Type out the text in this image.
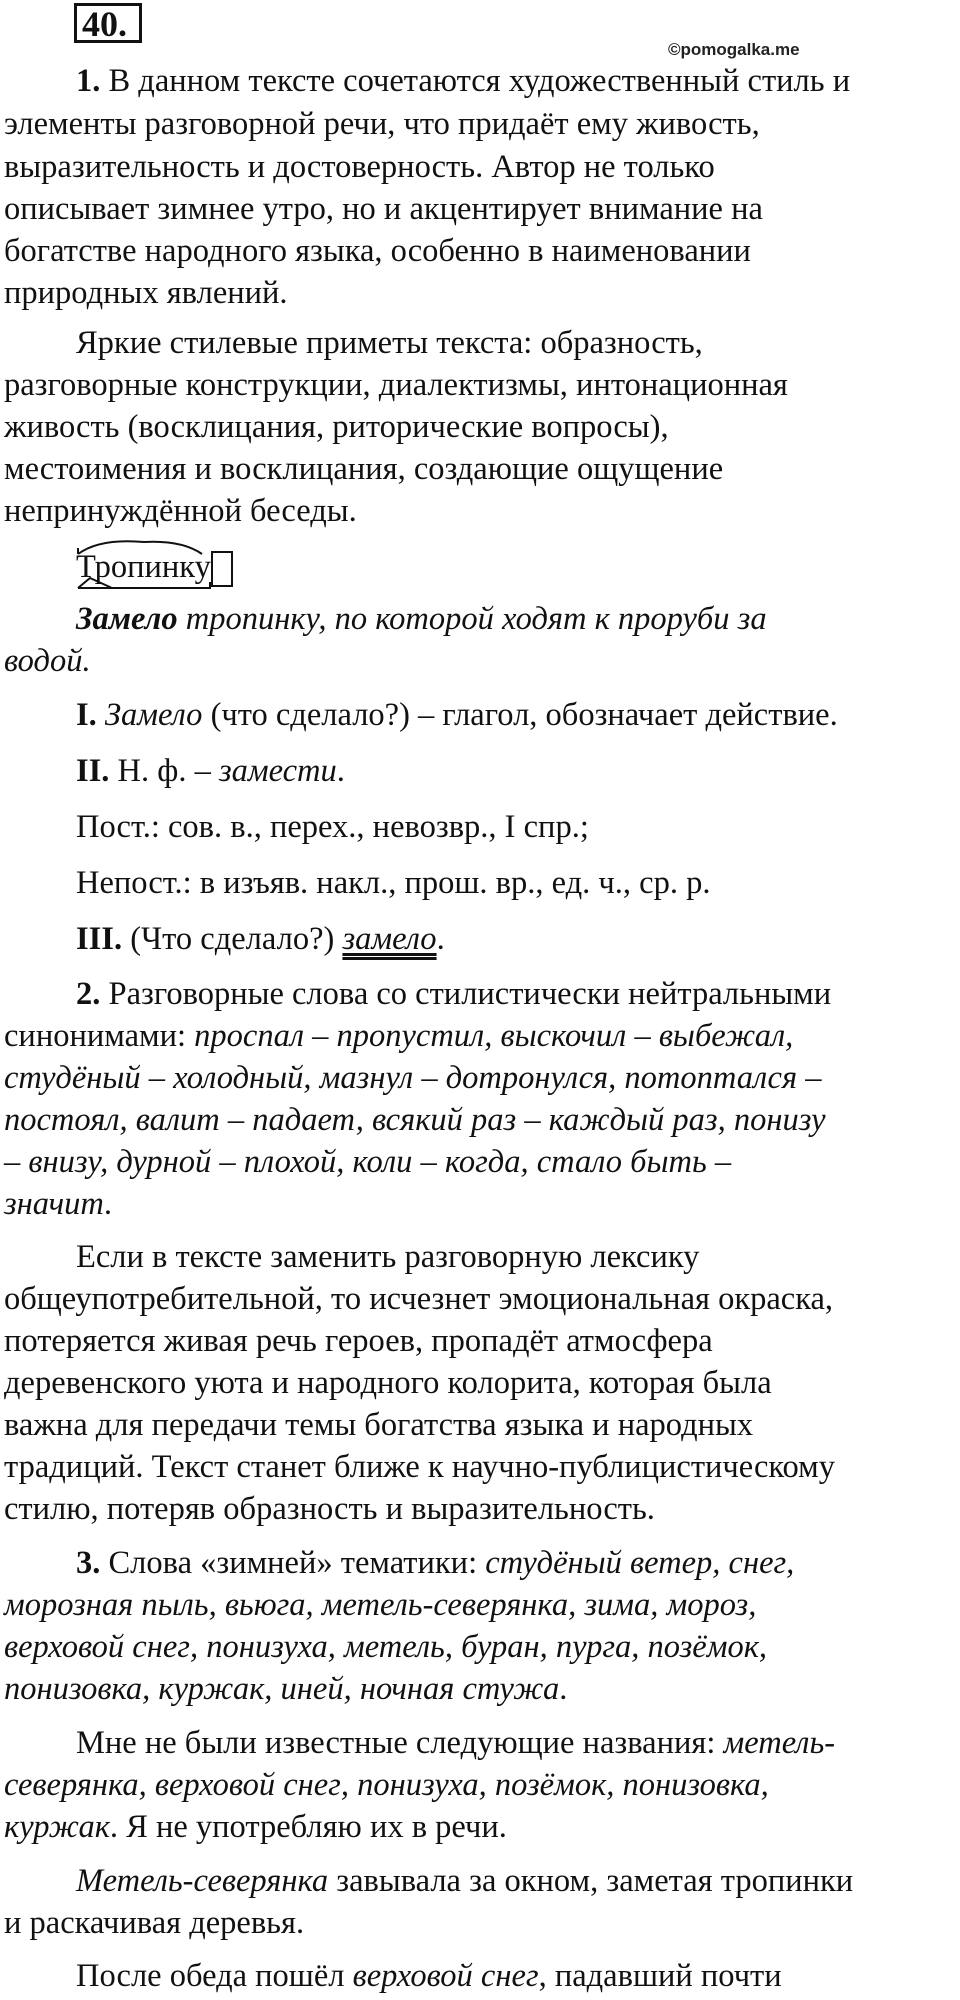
40.
©pomogalka.me
1. В данном тексте сочетаются художественный стиль и
элементы разговорной речи, что придаёт ему живость,
выразительность и достоверность. Автор не только
описывает зимнее утро, но и акцентирует внимание на
богатстве народного языка, особенно в наименовании
природных явлений.
Яркие стилевые приметы текста: образность,
разговорные конструкции, диалектизмы, интонационная
живость (восклицания, риторические вопросы),
местоимения и восклицания, создающие ощущение
непринуждённой беседы.
Тропинку
Замело тропинку, по которой ходят к проруби за
водой.
I. Замело (что сделало?) – глагол, обозначает действие.
II. Н. ф. – замести.
Пост.: сов. в., перех., невозвр., I спр.;
Непост.: в изъяв. накл., прош. вр., ед. ч., ср. р.
III. (Что сделало?) замело.
2. Разговорные слова со стилистически нейтральными
синонимами: проспал – пропустил, выскочил – выбежал,
студёный – холодный, мазнул – дотронулся, потоптался –
постоял, валит – падает, всякий раз – каждый раз, понизу
– внизу, дурной – плохой, коли – когда, стало быть –
значит.
Если в тексте заменить разговорную лексику
общеупотребительной, то исчезнет эмоциональная окраска,
потеряется живая речь героев, пропадёт атмосфера
деревенского уюта и народного колорита, которая была
важна для передачи темы богатства языка и народных
традиций. Текст станет ближе к научно-публицистическому
стилю, потеряв образность и выразительность.
3. Слова «зимней» тематики: студёный ветер, снег,
морозная пыль, вьюга, метель-северянка, зима, мороз,
верховой снег, понизуха, метель, буран, пурга, позёмок,
понизовка, куржак, иней, ночная стужа.
Мне не были известные следующие названия: метель-
северянка, верховой снег, понизуха, позёмок, понизовка,
куржак. Я не употребляю их в речи.
Метель-северянка завывала за окном, заметая тропинки
и раскачивая деревья.
После обеда пошёл верховой снег, падавший почти
